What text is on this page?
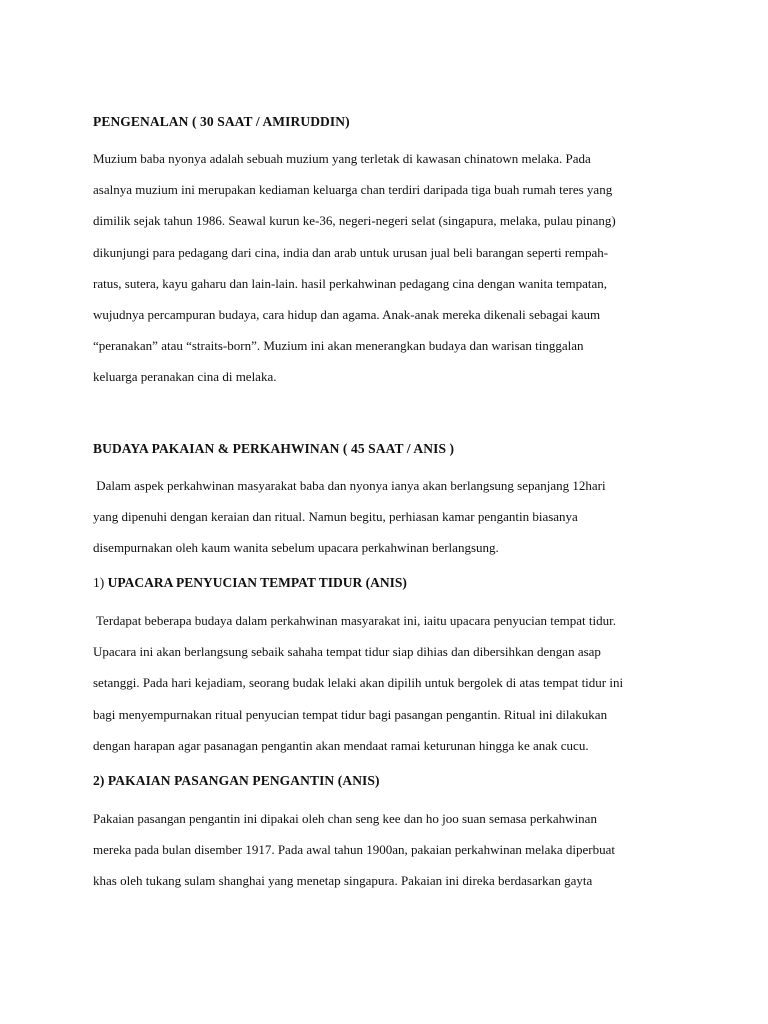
PENGENALAN ( 30 SAAT / AMIRUDDIN)
Muzium baba nyonya adalah sebuah muzium yang terletak di kawasan chinatown melaka. Pada
asalnya muzium ini merupakan kediaman keluarga chan terdiri daripada tiga buah rumah teres yang
dimilik sejak tahun 1986. Seawal kurun ke-36, negeri-negeri selat (singapura, melaka, pulau pinang)
dikunjungi para pedagang dari cina, india dan arab untuk urusan jual beli barangan seperti rempah-
ratus, sutera, kayu gaharu dan lain-lain. hasil perkahwinan pedagang cina dengan wanita tempatan,
wujudnya percampuran budaya, cara hidup dan agama. Anak-anak mereka dikenali sebagai kaum
“peranakan” atau “straits-born”. Muzium ini akan menerangkan budaya dan warisan tinggalan
keluarga peranakan cina di melaka.
BUDAYA PAKAIAN & PERKAHWINAN ( 45 SAAT / ANIS )
Dalam aspek perkahwinan masyarakat baba dan nyonya ianya akan berlangsung sepanjang 12hari
yang dipenuhi dengan keraian dan ritual. Namun begitu, perhiasan kamar pengantin biasanya
disempurnakan oleh kaum wanita sebelum upacara perkahwinan berlangsung.
1) UPACARA PENYUCIAN TEMPAT TIDUR (ANIS)
Terdapat beberapa budaya dalam perkahwinan masyarakat ini, iaitu upacara penyucian tempat tidur.
Upacara ini akan berlangsung sebaik sahaha tempat tidur siap dihias dan dibersihkan dengan asap
setanggi. Pada hari kejadiam, seorang budak lelaki akan dipilih untuk bergolek di atas tempat tidur ini
bagi menyempurnakan ritual penyucian tempat tidur bagi pasangan pengantin. Ritual ini dilakukan
dengan harapan agar pasanagan pengantin akan mendaat ramai keturunan hingga ke anak cucu.
2) PAKAIAN PASANGAN PENGANTIN (ANIS)
Pakaian pasangan pengantin ini dipakai oleh chan seng kee dan ho joo suan semasa perkahwinan
mereka pada bulan disember 1917. Pada awal tahun 1900an, pakaian perkahwinan melaka diperbuat
khas oleh tukang sulam shanghai yang menetap singapura. Pakaian ini direka berdasarkan gayta
